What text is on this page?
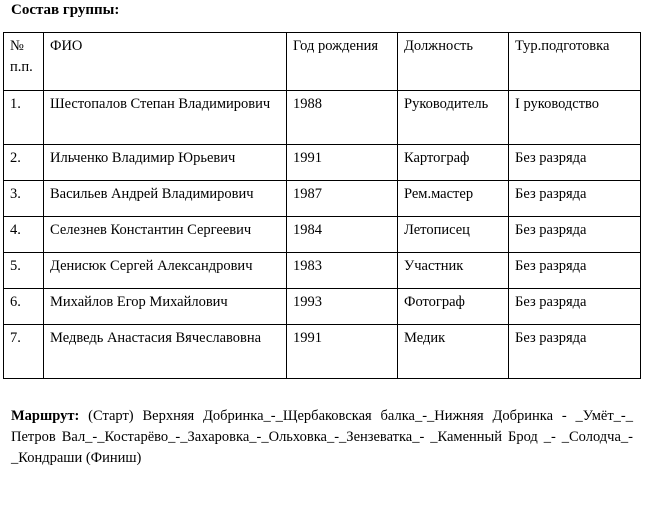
Состав группы:
№ п.п.	ФИО	Год рождения	Должность	Тур.подготовка
1.	Шестопалов Степан Владимирович	1988	Руководитель	I руководство
2.	Ильченко Владимир Юрьевич	1991	Картограф	Без разряда
3.	Васильев Андрей Владимирович	1987	Рем.мастер	Без разряда
4.	Селезнев Константин Сергеевич	1984	Летописец	Без разряда
5.	Денисюк Сергей Александрович	1983	Участник	Без разряда
6.	Михайлов Егор Михайлович	1993	Фотограф	Без разряда
7.	Медведь Анастасия Вячеславовна	1991	Медик	Без разряда
Маршрут: (Старт) Верхняя Добринка_-_Щербаковская балка_-_Нижняя Добринка - _Умёт_-_ Петров Вал_-_Костарёво_-_Захаровка_-_Ольховка_-_Зензеватка_- _Каменный Брод _- _Солодча_- _Кондраши (Финиш)
